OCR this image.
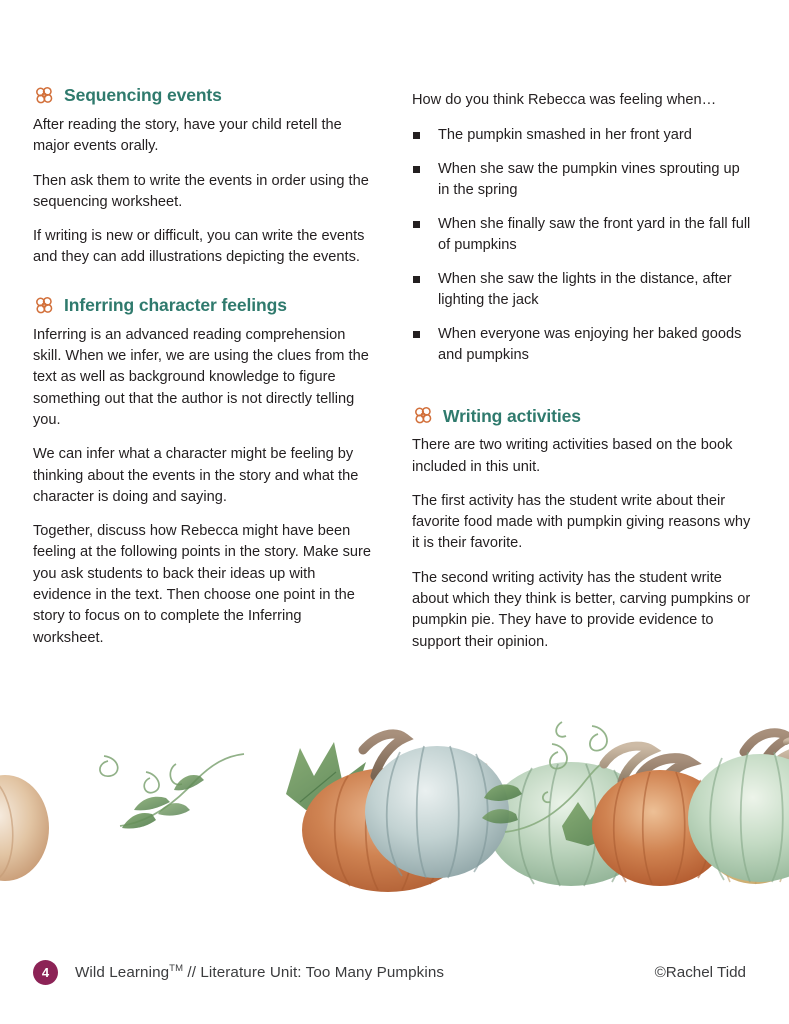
Sequencing events

After reading the story, have your child retell the major events orally.

Then ask them to write the events in order using the sequencing worksheet.

If writing is new or difficult, you can write the events and they can add illustrations depicting the events.

Inferring character feelings

Inferring is an advanced reading comprehension skill. When we infer, we are using the clues from the text as well as background knowledge to figure something out that the author is not directly telling you.

We can infer what a character might be feeling by thinking about the events in the story and what the character is doing and saying.

Together, discuss how Rebecca might have been feeling at the following points in the story. Make sure you ask students to back their ideas up with evidence in the text. Then choose one point in the story to focus on to complete the Inferring worksheet.

How do you think Rebecca was feeling when…

The pumpkin smashed in her front yard
When she saw the pumpkin vines sprouting up in the spring
When she finally saw the front yard in the fall full of pumpkins
When she saw the lights in the distance, after lighting the jack
When everyone was enjoying her baked goods and pumpkins
Writing activities

There are two writing activities based on the book included in this unit.

The first activity has the student write about their favorite food made with pumpkin giving reasons why it is their favorite.

The second writing activity has the student write about which they think is better, carving pumpkins or pumpkin pie. They have to provide evidence to support their opinion.

4	Wild Learning™ // Literature Unit: Too Many Pumpkins	©Rachel Tidd
